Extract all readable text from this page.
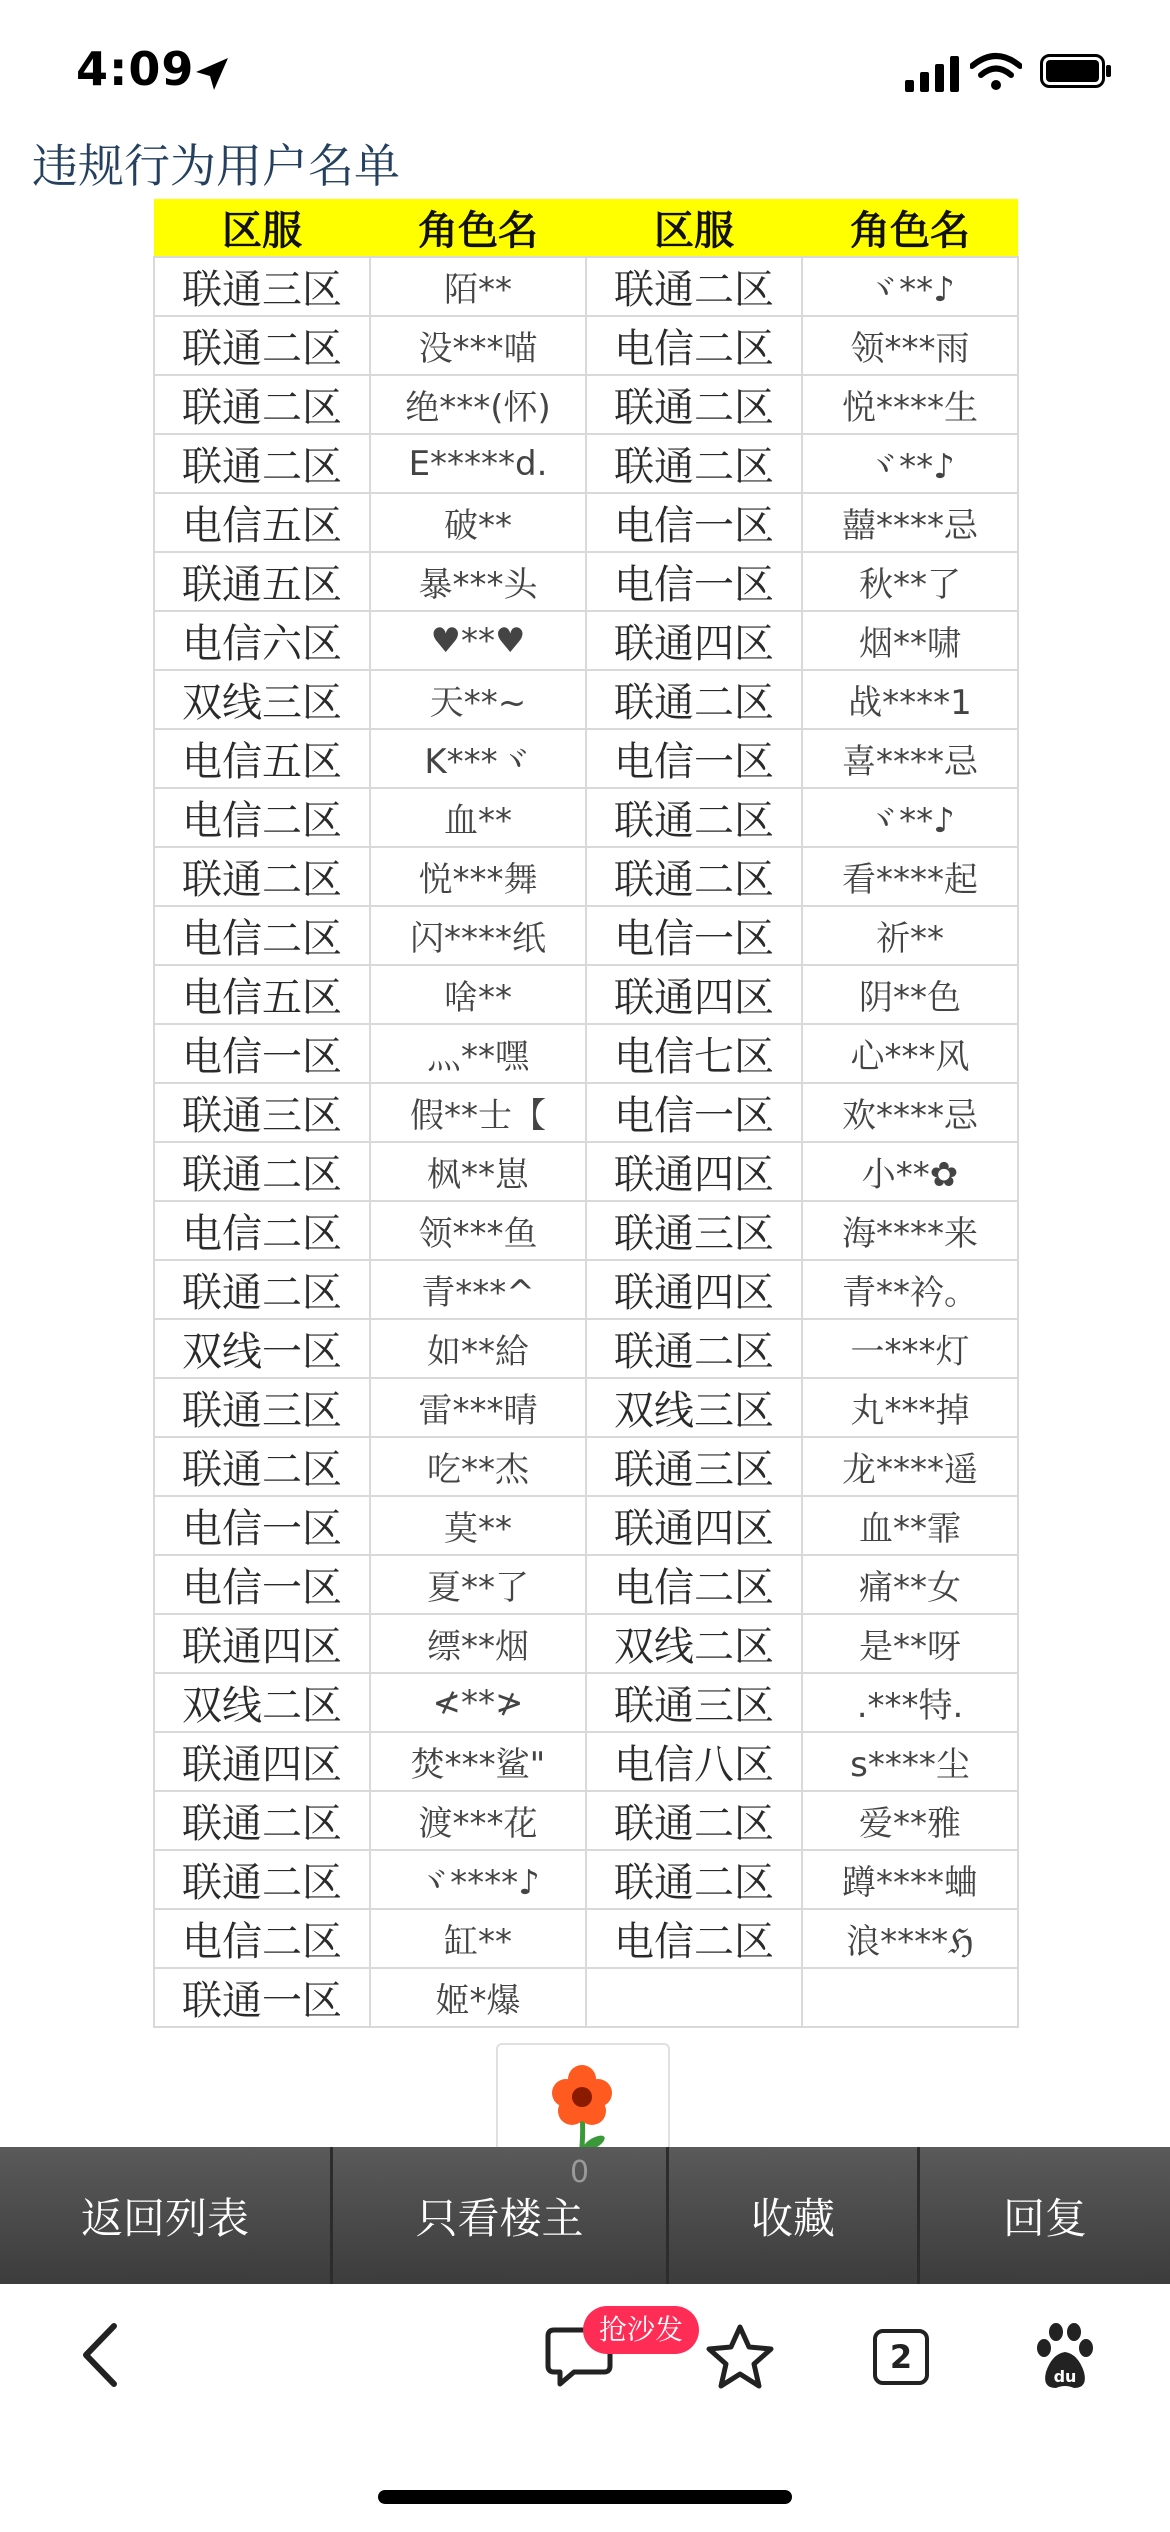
4:09
违规行为用户名单
区服	角色名	区服	角色名
联通三区	陌**	联通二区	ヾ**♪
联通二区	没***喵	电信二区	领***雨
联通二区	绝***(怀)	联通二区	悦****生
联通二区	E*****d.	联通二区	ヾ**♪
电信五区	破**	电信一区	囍****忌
联通五区	暴***头	电信一区	秋**了
电信六区	♥**♥	联通四区	烟**啸
双线三区	天**~	联通二区	战****1
电信五区	K***ヾ	电信一区	喜****忌
电信二区	血**	联通二区	ヾ**♪
联通二区	悦***舞	联通二区	看****起
电信二区	闪****纸	电信一区	祈**
电信五区	啥**	联通四区	阴**色
电信一区	灬**嘿	电信七区	心***风
联通三区	假**士【	电信一区	欢****忌
联通二区	枫**崽	联通四区	小**✿
电信二区	领***鱼	联通三区	海****来
联通二区	青***^	联通四区	青**衿。
双线一区	如**給	联通二区	一***灯
联通三区	雷***晴	双线三区	丸***掉
联通二区	吃**杰	联通三区	龙****遥
电信一区	莫**	联通四区	血**霏
电信一区	夏**了	电信二区	痛**女
联通四区	缥**烟	双线二区	是**呀
双线二区	≮**≯	联通三区	.***特.
联通四区	焚***鲨"	电信八区	s****尘
联通二区	渡***花	联通二区	爱**雅
联通二区	ヾ****♪	联通二区	蹲****蛐
电信二区	缸**	电信二区	浪****ℌ
联通一区	姬*爆		
返回列表	只看楼主	收藏	回复
0
抢沙发
2
du
